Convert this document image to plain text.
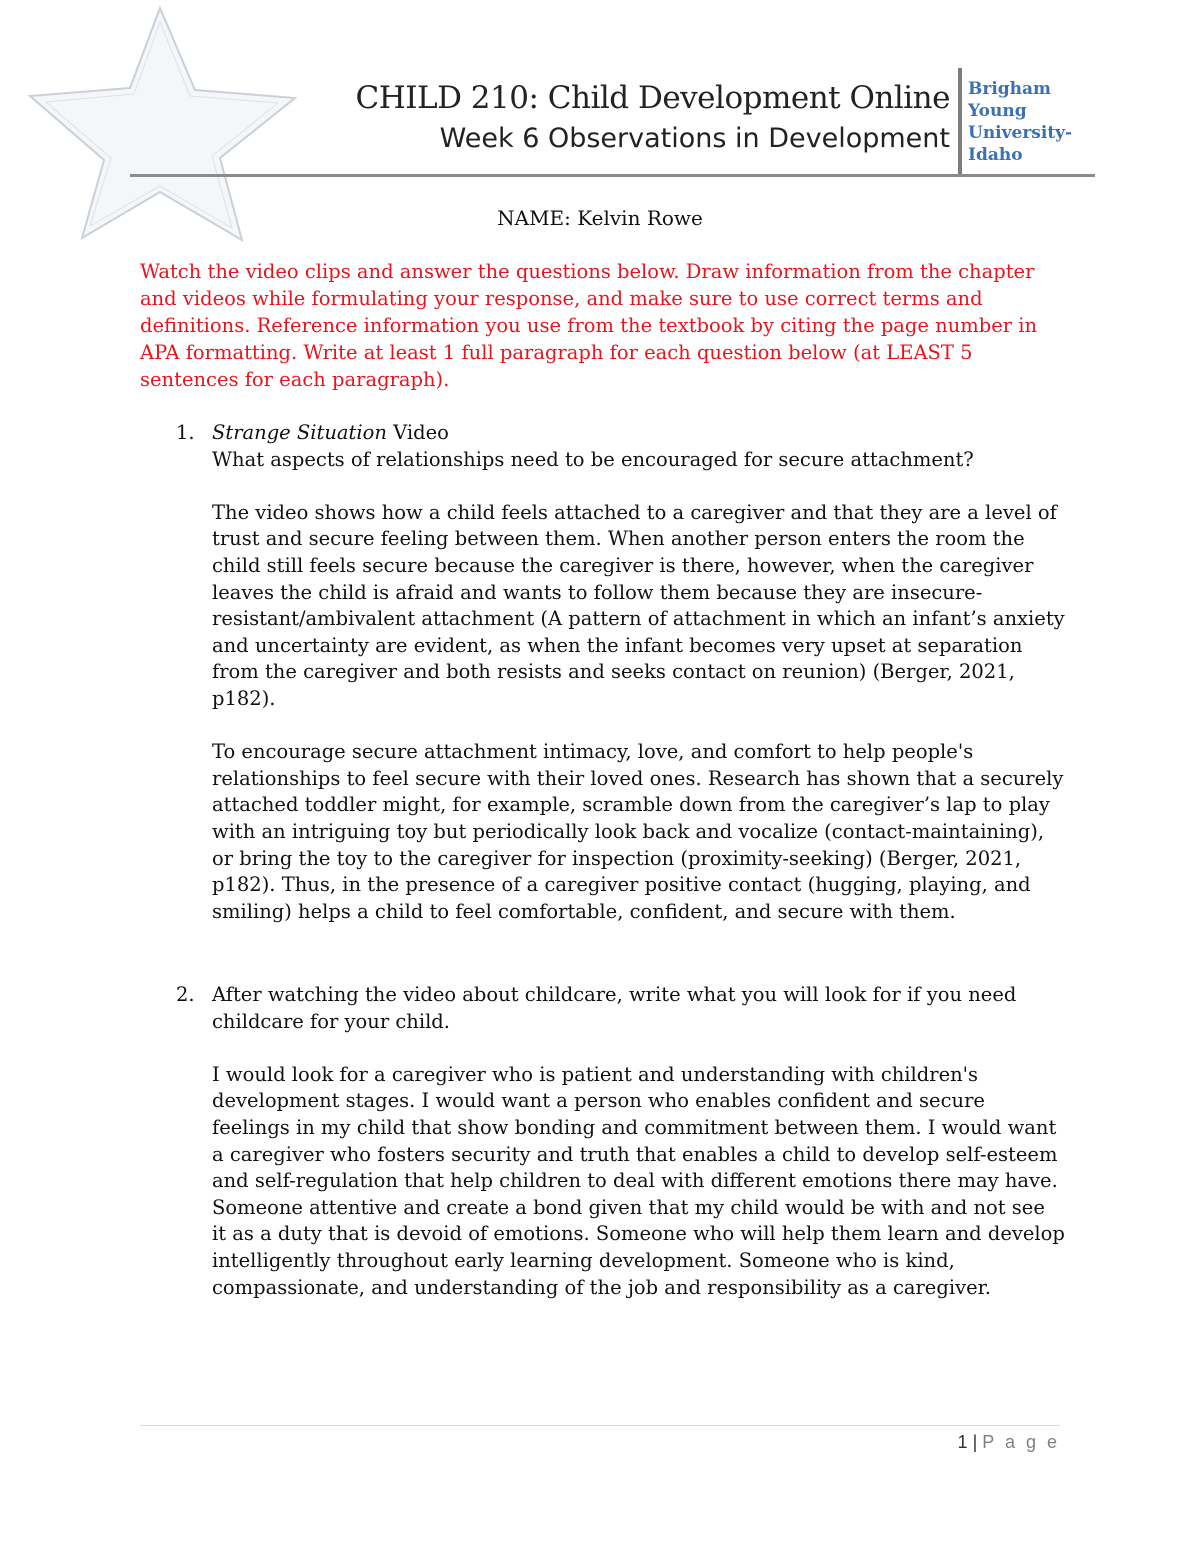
CHILD 210: Child Development Online
Week 6 Observations in Development
Brigham
Young
University-
Idaho
NAME: Kelvin Rowe
Watch the video clips and answer the questions below. Draw information from the chapter and videos while formulating your response, and make sure to use correct terms and definitions. Reference information you use from the textbook by citing the page number in APA formatting. Write at least 1 full paragraph for each question below (at LEAST 5 sentences for each paragraph).
1. Strange Situation Video

What aspects of relationships need to be encouraged for secure attachment?

The video shows how a child feels attached to a caregiver and that they are a level of trust and secure feeling between them. When another person enters the room the child still feels secure because the caregiver is there, however, when the caregiver leaves the child is afraid and wants to follow them because they are insecure-resistant/ambivalent attachment (A pattern of attachment in which an infant’s anxiety and uncertainty are evident, as when the infant becomes very upset at separation from the caregiver and both resists and seeks contact on reunion) (Berger, 2021, p182).

To encourage secure attachment intimacy, love, and comfort to help people's relationships to feel secure with their loved ones. Research has shown that a securely attached toddler might, for example, scramble down from the caregiver’s lap to play with an intriguing toy but periodically look back and vocalize (contact-maintaining), or bring the toy to the caregiver for inspection (proximity-seeking) (Berger, 2021, p182). Thus, in the presence of a caregiver positive contact (hugging, playing, and smiling) helps a child to feel comfortable, confident, and secure with them.

2. After watching the video about childcare, write what you will look for if you need childcare for your child.

I would look for a caregiver who is patient and understanding with children's development stages. I would want a person who enables confident and secure feelings in my child that show bonding and commitment between them. I would want a caregiver who fosters security and truth that enables a child to develop self-esteem and self-regulation that help children to deal with different emotions there may have. Someone attentive and create a bond given that my child would be with and not see it as a duty that is devoid of emotions. Someone who will help them learn and develop intelligently throughout early learning development. Someone who is kind, compassionate, and understanding of the job and responsibility as a caregiver.

1 | P a g e
